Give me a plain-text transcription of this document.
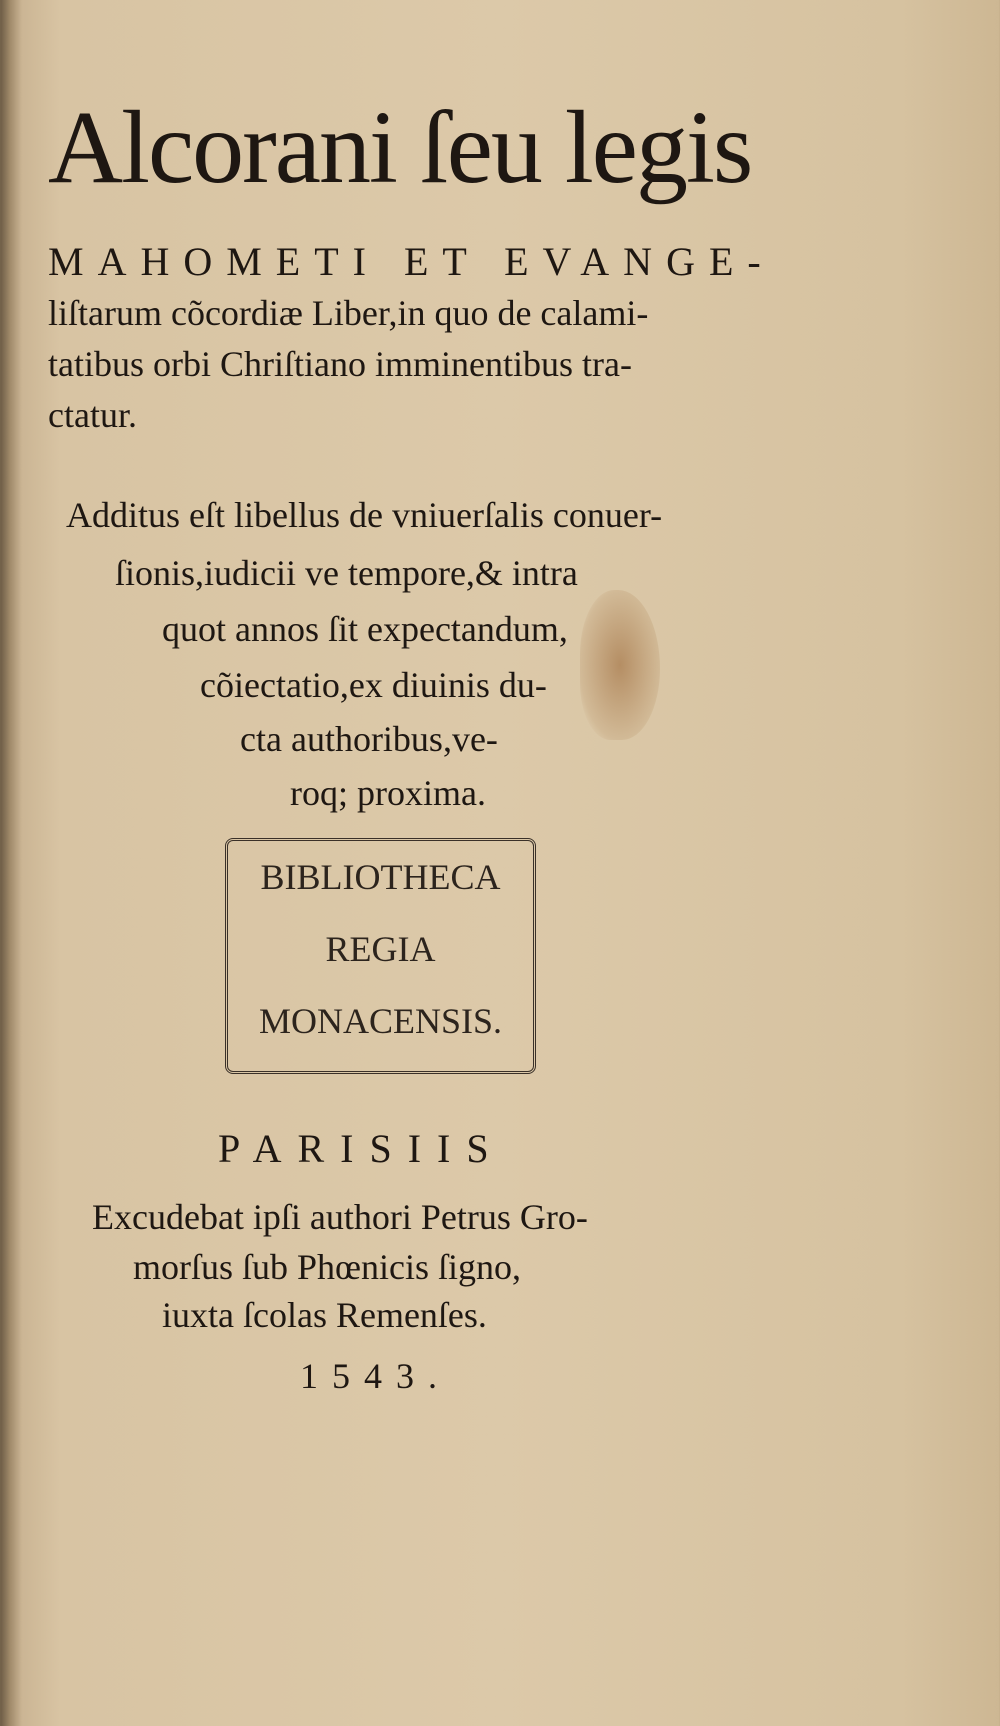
Alcorani ſeu legis
MAHOMETI ET EVANGE-
liſtarum cõcordiæ Liber,in quo de calami-
tatibus orbi Chriſtiano imminentibus tra-
ctatur.
Additus eſt libellus de vniuerſalis conuer-
ſionis,iudicii ve tempore,& intra
quot annos ſit expectandum,
cõiectatio,ex diuinis du-
cta authoribus,ve-
roq; proxima.
BIBLIOTHECA
REGIA
MONACENSIS.
PARISIIS
Excudebat ipſi authori Petrus Gro-
morſus ſub Phœnicis ſigno,
iuxta ſcolas Remenſes.
1543.
